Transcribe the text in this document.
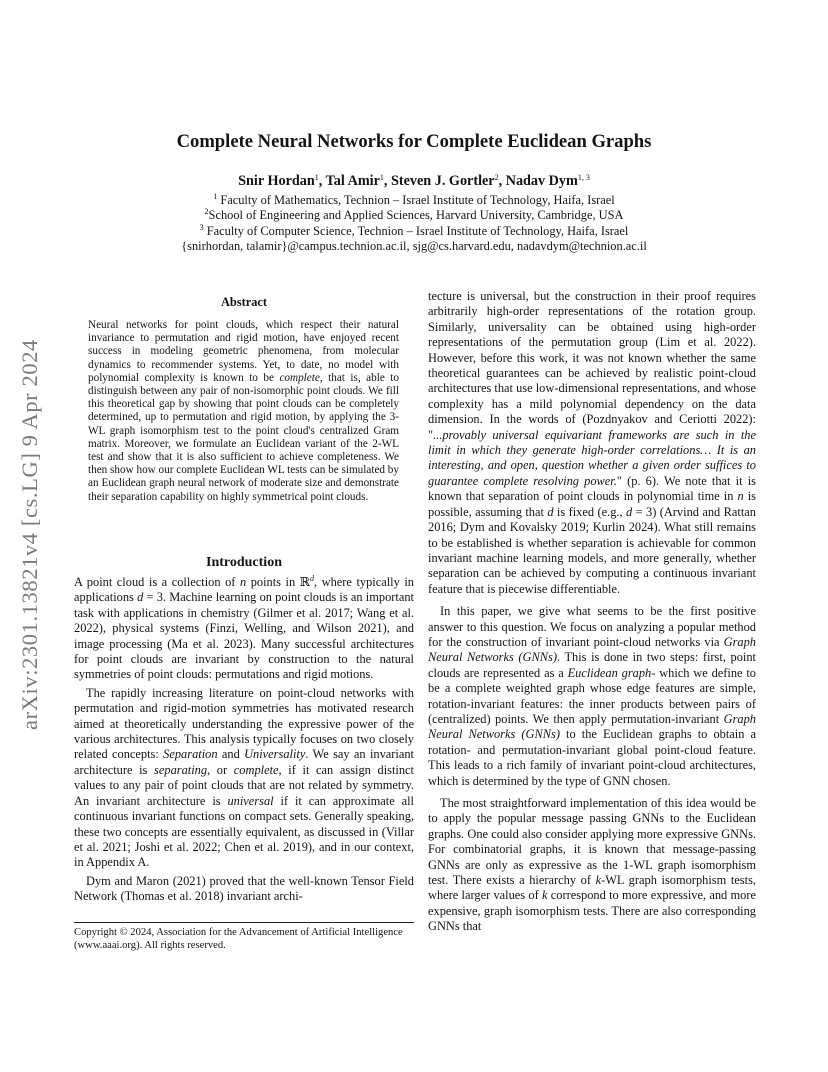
arXiv:2301.13821v4 [cs.LG] 9 Apr 2024
Complete Neural Networks for Complete Euclidean Graphs
Snir Hordan$^1$, Tal Amir$^1$, Steven J. Gortler$^2$, Nadav Dym$^{1, 3}$
$^1$ Faculty of Mathematics, Technion – Israel Institute of Technology, Haifa, Israel
$^2$School of Engineering and Applied Sciences, Harvard University, Cambridge, USA
$^3$ Faculty of Computer Science, Technion – Israel Institute of Technology, Haifa, Israel
{snirhordan, talamir}@campus.technion.ac.il, sjg@cs.harvard.edu, nadavdym@technion.ac.il
Abstract
Neural networks for point clouds, which respect their natural invariance to permutation and rigid motion, have enjoyed recent success in modeling geometric phenomena, from molecular dynamics to recommender systems. Yet, to date, no model with polynomial complexity is known to be complete, that is, able to distinguish between any pair of non-isomorphic point clouds. We fill this theoretical gap by showing that point clouds can be completely determined, up to permutation and rigid motion, by applying the 3-WL graph isomorphism test to the point cloud's centralized Gram matrix. Moreover, we formulate an Euclidean variant of the 2-WL test and show that it is also sufficient to achieve completeness. We then show how our complete Euclidean WL tests can be simulated by an Euclidean graph neural network of moderate size and demonstrate their separation capability on highly symmetrical point clouds.
Introduction

A point cloud is a collection of n points in ℝ$^d$, where typically in applications d = 3. Machine learning on point clouds is an important task with applications in chemistry (Gilmer et al. 2017; Wang et al. 2022), physical systems (Finzi, Welling, and Wilson 2021), and image processing (Ma et al. 2023). Many successful architectures for point clouds are invariant by construction to the natural symmetries of point clouds: permutations and rigid motions.

The rapidly increasing literature on point-cloud networks with permutation and rigid-motion symmetries has motivated research aimed at theoretically understanding the expressive power of the various architectures. This analysis typically focuses on two closely related concepts: Separation and Universality. We say an invariant architecture is separating, or complete, if it can assign distinct values to any pair of point clouds that are not related by symmetry. An invariant architecture is universal if it can approximate all continuous invariant functions on compact sets. Generally speaking, these two concepts are essentially equivalent, as discussed in (Villar et al. 2021; Joshi et al. 2022; Chen et al. 2019), and in our context, in Appendix A.

Dym and Maron (2021) proved that the well-known Tensor Field Network (Thomas et al. 2018) invariant archi-

Copyright © 2024, Association for the Advancement of Artificial Intelligence (www.aaai.org). All rights reserved.

tecture is universal, but the construction in their proof requires arbitrarily high-order representations of the rotation group. Similarly, universality can be obtained using high-order representations of the permutation group (Lim et al. 2022). However, before this work, it was not known whether the same theoretical guarantees can be achieved by realistic point-cloud architectures that use low-dimensional representations, and whose complexity has a mild polynomial dependency on the data dimension. In the words of (Pozdnyakov and Ceriotti 2022): "...provably universal equivariant frameworks are such in the limit in which they generate high-order correlations… It is an interesting, and open, question whether a given order suffices to guarantee complete resolving power." (p. 6). We note that it is known that separation of point clouds in polynomial time in n is possible, assuming that d is fixed (e.g., d = 3) (Arvind and Rattan 2016; Dym and Kovalsky 2019; Kurlin 2024). What still remains to be established is whether separation is achievable for common invariant machine learning models, and more generally, whether separation can be achieved by computing a continuous invariant feature that is piecewise differentiable.

In this paper, we give what seems to be the first positive answer to this question. We focus on analyzing a popular method for the construction of invariant point-cloud networks via Graph Neural Networks (GNNs). This is done in two steps: first, point clouds are represented as a Euclidean graph- which we define to be a complete weighted graph whose edge features are simple, rotation-invariant features: the inner products between pairs of (centralized) points. We then apply permutation-invariant Graph Neural Networks (GNNs) to the Euclidean graphs to obtain a rotation- and permutation-invariant global point-cloud feature. This leads to a rich family of invariant point-cloud architectures, which is determined by the type of GNN chosen.

The most straightforward implementation of this idea would be to apply the popular message passing GNNs to the Euclidean graphs. One could also consider applying more expressive GNNs. For combinatorial graphs, it is known that message-passing GNNs are only as expressive as the 1-WL graph isomorphism test. There exists a hierarchy of k-WL graph isomorphism tests, where larger values of k correspond to more expressive, and more expensive, graph isomorphism tests. There are also corresponding GNNs that
